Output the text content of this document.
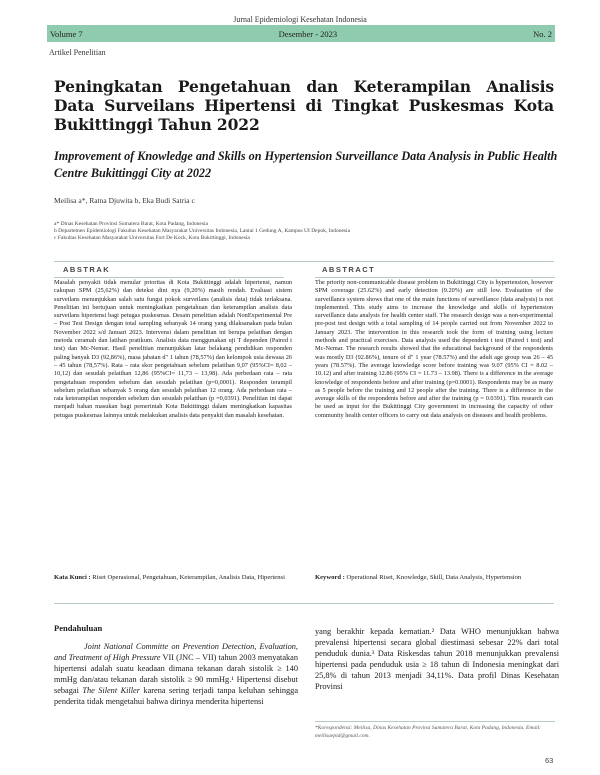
Jurnal Epidemiologi Kesehatan Indonesia
Volume 7	Desember - 2023	No. 2
Artikel Penelitian
Peningkatan Pengetahuan dan Keterampilan Analisis Data Surveilans Hipertensi di Tingkat Puskesmas Kota Bukittinggi Tahun 2022
Improvement of Knowledge and Skills on Hypertension Surveillance Data Analysis in Public Health Centre Bukittinggi City at 2022
Meilisa a*, Ratna Djuwita b, Eka Budi Satria c
a* Dinas Kesehatan Provinsi Sumatera Barat, Kota Padang, Indonesia
b Departemen Epidemiologi Fakultas Kesehatan Masyarakat Universitas Indonesia, Lantai 1 Gedung A, Kampus UI Depok, Indonesia
c Fakultas Kesehatan Masyarakat Universitas Fort De Kock, Kota Bukittinggi, Indonesia
ABSTRAK
Masalah penyakit tidak menular prioritas di Kota Bukittinggi adalah hipertensi, namun cakupan SPM (25,62%) dan deteksi dini nya (9,20%) masih rendah. Evaluasi sistem surveilans menunjukkan salah satu fungsi pokok surveilans (analisis data) tidak terlaksana. Penelitian ini bertujuan untuk meningkatkan pengetahuan dan keterampilan analisis data surveilans hipertensi bagi petugas puskesmas. Desain penelitian adalah NonExperimental Pre – Post Test Design dengan total sampling sebanyak 14 orang yang dilaksanakan pada bulan November 2022 s/d Januari 2023. Intervensi dalam penelitian ini berupa pelatihan dengan metoda ceramah dan latihan pratikum. Analisis data menggunakan uji T dependen (Paired t test) dan Mc-Nemar. Hasil penelitian menunjukkan latar belakang pendidikan responden paling banyak D3 (92,86%), masa jabatan d" 1 tahun (78,57%) dan kelompok usia dewasa 26 – 45 tahun (78,57%). Rata – rata skor pengetahuan sebelum pelatihan 9,07 (95%CI= 8,02 – 10,12) dan sesudah pelatihan 12,86 (95%CI= 11,73 – 13,98). Ada perbedaan rata – rata pengetahuan responden sebelum dan sesudah pelatihan (p=0,0001). Responden terampil sebelum pelatihan sebanyak 5 orang dan sesudah pelatihan 12 orang. Ada perbedaan rata – rata keterampilan responden sebelum dan sesudah pelatihan (p =0,0391). Penelitian ini dapat menjadi bahan masukan bagi pemerintah Kota Bukittinggi dalam meningkatkan kapasitas petugas puskesmas lainnya untuk melakukan analisis data penyakit dan masalah kesehatan.
ABSTRACT
The priority non-communicable disease problem in Bukittinggi City is hypertension, however SPM coverage (25.62%) and early detection (9.20%) are still low. Evaluation of the surveillance system shows that one of the main functions of surveillance (data analysis) is not implemented. This study aims to increase the knowledge and skills of hypertension surveillance data analysis for health center staff. The research design was a non-experimental pre-post test design with a total sampling of 14 people carried out from November 2022 to January 2023. The intervention in this research took the form of training using lecture methods and practical exercises. Data analysis used the dependent t test (Paired t test) and Mc-Nemar. The research results showed that the educational background of the respondents was mostly D3 (92.86%), tenure of d" 1 year (78.57%) and the adult age group was 26 – 45 years (78.57%). The average knowledge score before training was 9.07 (95% CI = 8.02 – 10.12) and after training 12.86 (95% CI = 11.73 – 13.98). There is a difference in the average knowledge of respondents before and after training (p=0.0001). Respondents may be as many as 5 people before the training and 12 people after the training. There is a difference in the average skills of the respondents before and after the training (p = 0.0391). This research can be used as input for the Bukittinggi City government in increasing the capacity of other community health center officers to carry out data analysis on diseases and health problems.
Kata Kunci : Riset Operasional, Pengetahuan, Keterampilan, Analisis Data, Hipertensi	Keyword : Operational Riset, Knowledge, Skill, Data Analysis, Hypertension
Pendahuluan
Joint National Committe on Prevention Detection, Evaluation, and Treatment of High Pressure VII (JNC – VII) tahun 2003 menyatakan hipertensi adalah suatu keadaan dimana tekanan darah sistolik ≥ 140 mmHg dan/atau tekanan darah sistolik ≥ 90 mmHg.¹ Hipertensi disebut sebagai The Silent Killer karena sering terjadi tanpa keluhan sehingga penderita tidak mengetahui bahwa dirinya menderita hipertensi
yang berakhir kepada kematian.² Data WHO menunjukkan bahwa prevalensi hipertensi secara global diestimasi sebesar 22% dari total penduduk dunia.³ Data Riskesdas tahun 2018 menunjukkan prevalensi hipertensi pada penduduk usia ≥ 18 tahun di Indonesia meningkat dari 25,8% di tahun 2013 menjadi 34,11%. Data profil Dinas Kesehatan Provinsi
*Korespondensi: Meilisa, Dinas Kesehatan Provinsi Sumatera Barat, Kota Padang, Indonesia. Email: meilisaepid@gmail.com.
63
